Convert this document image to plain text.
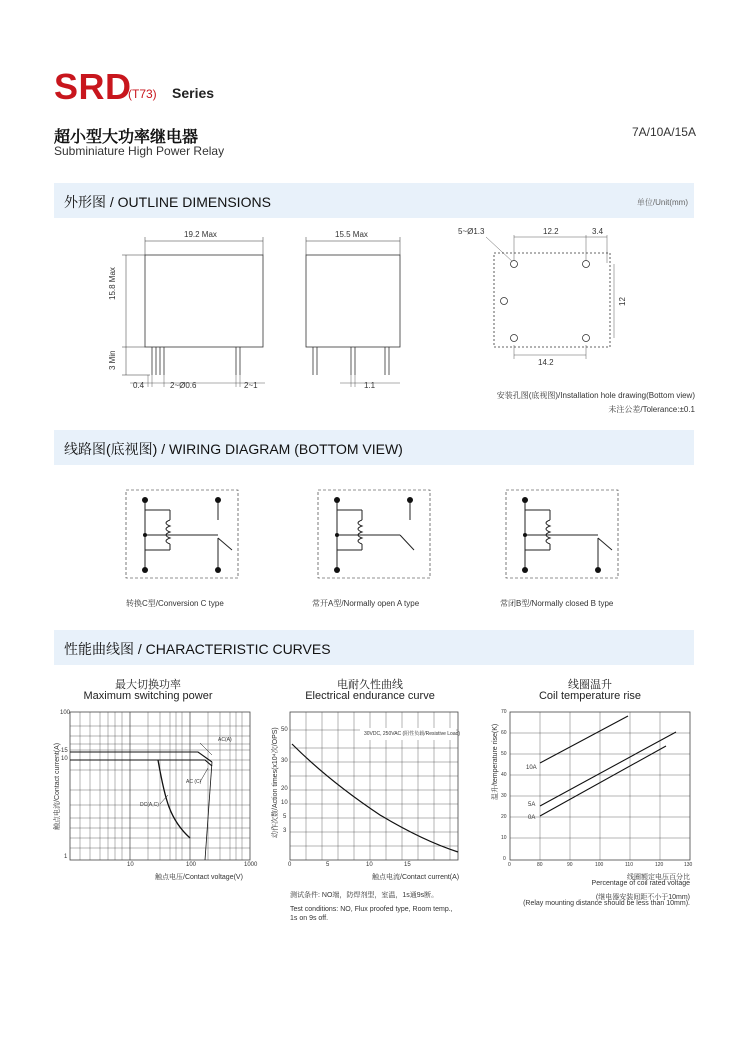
SRD
(T73) Series
超小型大功率继电器
Subminiature High Power Relay
7A/10A/15A
外形图 / OUTLINE DIMENSIONS	单位/Unit(mm)
19.2 Max	15.5 Max
15.8 Max
3 Min
0.4	2~Ø0.6	2~1	1.1
5~Ø1.3	12.2	3.4
12
14.2
安装孔图(底视图)/Installation hole drawing(Bottom view)
未注公差/Tolerance:±0.1
线路图(底视图) / WIRING DIAGRAM (BOTTOM VIEW)
转换C型/Conversion C type	常开A型/Normally open A type	常闭B型/Normally closed B type
性能曲线图 / CHARACTERISTIC CURVES
最大切换功率
Maximum switching power
电耐久性曲线
Electrical endurance curve
线圈温升
Coil temperature rise
触点电流/Contact current(A)
100
15
10
1
10	100	1000
触点电压/Contact voltage(V)
AC(A)
AC (C)
DC(A,C)	动作次数/Action times(x10⁴次/OPS) 50
30
20
10
5
3
0	5	10	15
触点电流/Contact current(A)
30VDC, 250VAC (阻性负载/Resistive Load)
测试条件: NO端，防焊剂型，室温，1s通9s断。
Test conditions: NO, Flux proofed type, Room temp.,
1s on 9s off.
温升/temperature rise(K)
70
60
50
40
30
20
10
0
0	80	90	100	110	120	130
10A
5A
0A
线圈额定电压百分比
Percentage of coil rated voltage
(继电器安装间距不小于10mm)
(Relay mounting distance should be less than 10mm).
